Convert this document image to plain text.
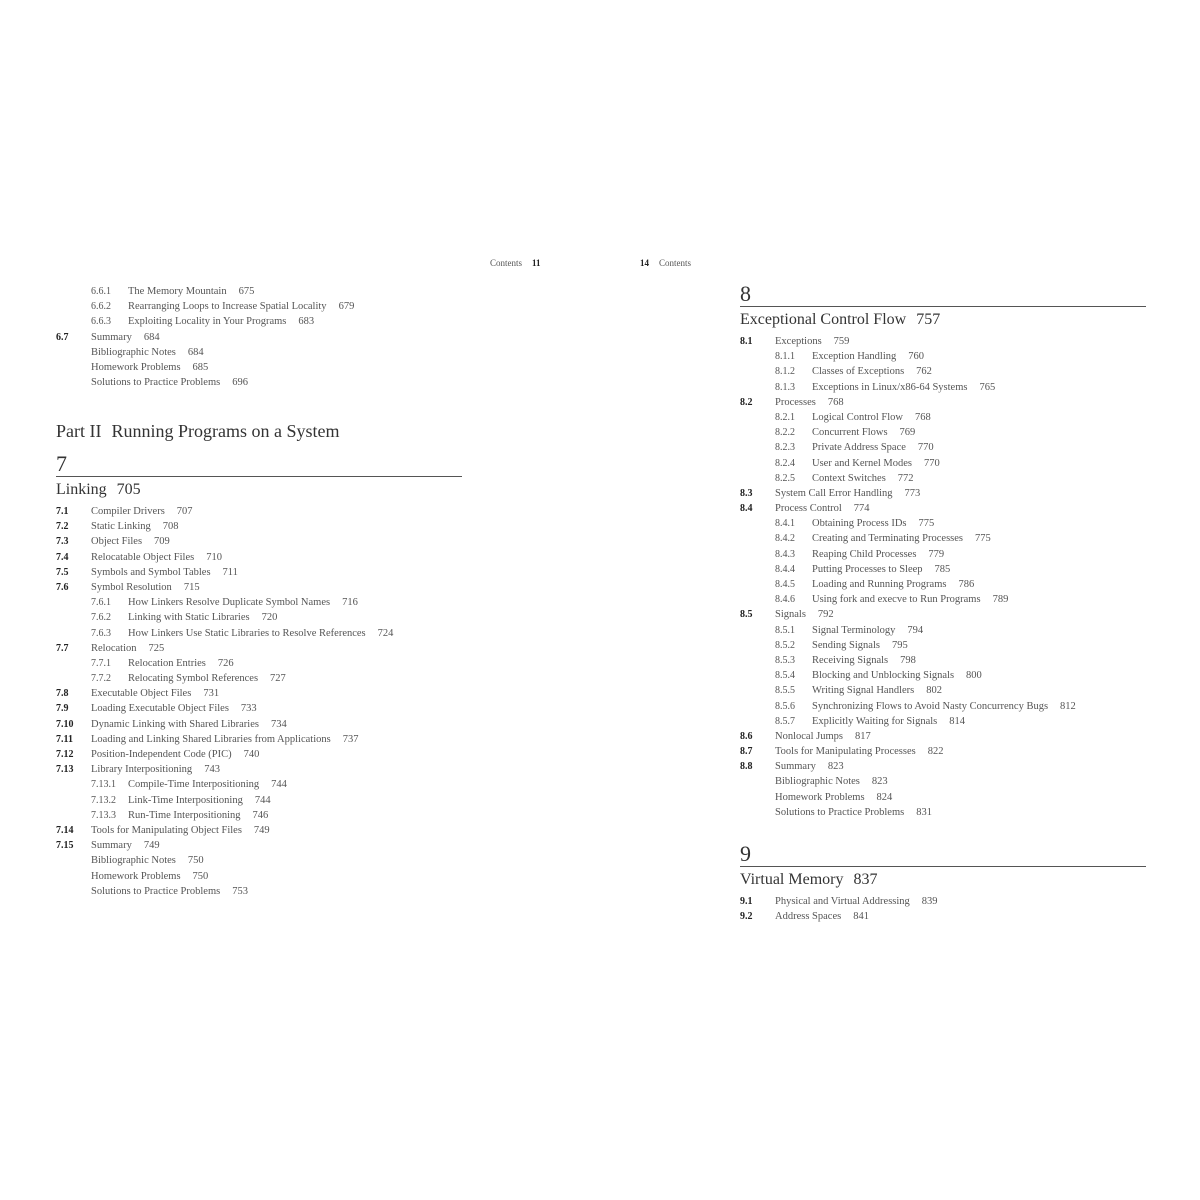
Contents 11
6.6.1 The Memory Mountain 675
6.6.2 Rearranging Loops to Increase Spatial Locality 679
6.6.3 Exploiting Locality in Your Programs 683
6.7 Summary 684
Bibliographic Notes 684
Homework Problems 685
Solutions to Practice Problems 696
Part II Running Programs on a System
7
Linking 705
7.1 Compiler Drivers 707
7.2 Static Linking 708
7.3 Object Files 709
7.4 Relocatable Object Files 710
7.5 Symbols and Symbol Tables 711
7.6 Symbol Resolution 715
7.6.1 How Linkers Resolve Duplicate Symbol Names 716
7.6.2 Linking with Static Libraries 720
7.6.3 How Linkers Use Static Libraries to Resolve References 724
7.7 Relocation 725
7.7.1 Relocation Entries 726
7.7.2 Relocating Symbol References 727
7.8 Executable Object Files 731
7.9 Loading Executable Object Files 733
7.10 Dynamic Linking with Shared Libraries 734
7.11 Loading and Linking Shared Libraries from Applications 737
7.12 Position-Independent Code (PIC) 740
7.13 Library Interpositioning 743
7.13.1 Compile-Time Interpositioning 744
7.13.2 Link-Time Interpositioning 744
7.13.3 Run-Time Interpositioning 746
7.14 Tools for Manipulating Object Files 749
7.15 Summary 749
Bibliographic Notes 750
Homework Problems 750
Solutions to Practice Problems 753
14 Contents
8
Exceptional Control Flow 757
8.1 Exceptions 759
8.1.1 Exception Handling 760
8.1.2 Classes of Exceptions 762
8.1.3 Exceptions in Linux/x86-64 Systems 765
8.2 Processes 768
8.2.1 Logical Control Flow 768
8.2.2 Concurrent Flows 769
8.2.3 Private Address Space 770
8.2.4 User and Kernel Modes 770
8.2.5 Context Switches 772
8.3 System Call Error Handling 773
8.4 Process Control 774
8.4.1 Obtaining Process IDs 775
8.4.2 Creating and Terminating Processes 775
8.4.3 Reaping Child Processes 779
8.4.4 Putting Processes to Sleep 785
8.4.5 Loading and Running Programs 786
8.4.6 Using fork and execve to Run Programs 789
8.5 Signals 792
8.5.1 Signal Terminology 794
8.5.2 Sending Signals 795
8.5.3 Receiving Signals 798
8.5.4 Blocking and Unblocking Signals 800
8.5.5 Writing Signal Handlers 802
8.5.6 Synchronizing Flows to Avoid Nasty Concurrency Bugs 812
8.5.7 Explicitly Waiting for Signals 814
8.6 Nonlocal Jumps 817
8.7 Tools for Manipulating Processes 822
8.8 Summary 823
Bibliographic Notes 823
Homework Problems 824
Solutions to Practice Problems 831
9
Virtual Memory 837
9.1 Physical and Virtual Addressing 839
9.2 Address Spaces 841
